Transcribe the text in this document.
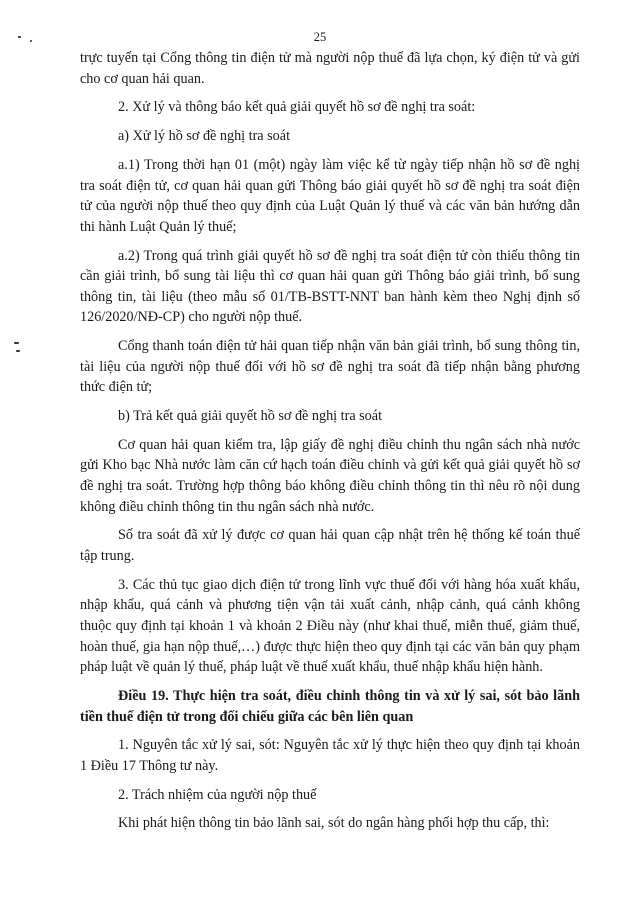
25

trực tuyến tại Cổng thông tin điện tử mà người nộp thuế đã lựa chọn, ký điện tử và gửi cho cơ quan hải quan.

2. Xử lý và thông báo kết quả giải quyết hồ sơ đề nghị tra soát:

a) Xử lý hồ sơ đề nghị tra soát

a.1) Trong thời hạn 01 (một) ngày làm việc kể từ ngày tiếp nhận hồ sơ đề nghị tra soát điện tử, cơ quan hải quan gửi Thông báo giải quyết hồ sơ đề nghị tra soát điện tử của người nộp thuế theo quy định của Luật Quản lý thuế và các văn bản hướng dẫn thi hành Luật Quản lý thuế;

a.2) Trong quá trình giải quyết hồ sơ đề nghị tra soát điện tử còn thiếu thông tin cần giải trình, bổ sung tài liệu thì cơ quan hải quan gửi Thông báo giải trình, bổ sung thông tin, tài liệu (theo mẫu số 01/TB-BSTT-NNT ban hành kèm theo Nghị định số 126/2020/NĐ-CP) cho người nộp thuế.

Cổng thanh toán điện tử hải quan tiếp nhận văn bản giải trình, bổ sung thông tin, tài liệu của người nộp thuế đối với hồ sơ đề nghị tra soát đã tiếp nhận bằng phương thức điện tử;

b) Trả kết quả giải quyết hồ sơ đề nghị tra soát

Cơ quan hải quan kiểm tra, lập giấy đề nghị điều chỉnh thu ngân sách nhà nước gửi Kho bạc Nhà nước làm căn cứ hạch toán điều chỉnh và gửi kết quả giải quyết hồ sơ đề nghị tra soát. Trường hợp thông báo không điều chỉnh thông tin thì nêu rõ nội dung không điều chỉnh thông tin thu ngân sách nhà nước.

Số tra soát đã xử lý được cơ quan hải quan cập nhật trên hệ thống kế toán thuế tập trung.

3. Các thủ tục giao dịch điện tử trong lĩnh vực thuế đối với hàng hóa xuất khẩu, nhập khẩu, quá cảnh và phương tiện vận tải xuất cảnh, nhập cảnh, quá cảnh không thuộc quy định tại khoản 1 và khoản 2 Điều này (như khai thuế, miễn thuế, giảm thuế, hoàn thuế, gia hạn nộp thuế,…) được thực hiện theo quy định tại các văn bản quy phạm pháp luật về quản lý thuế, pháp luật về thuế xuất khẩu, thuế nhập khẩu hiện hành.

Điều 19. Thực hiện tra soát, điều chỉnh thông tin và xử lý sai, sót bảo lãnh tiền thuế điện tử trong đối chiếu giữa các bên liên quan

1. Nguyên tắc xử lý sai, sót: Nguyên tắc xử lý thực hiện theo quy định tại khoản 1 Điều 17 Thông tư này.

2. Trách nhiệm của người nộp thuế

Khi phát hiện thông tin bảo lãnh sai, sót do ngân hàng phối hợp thu cấp, thì:
